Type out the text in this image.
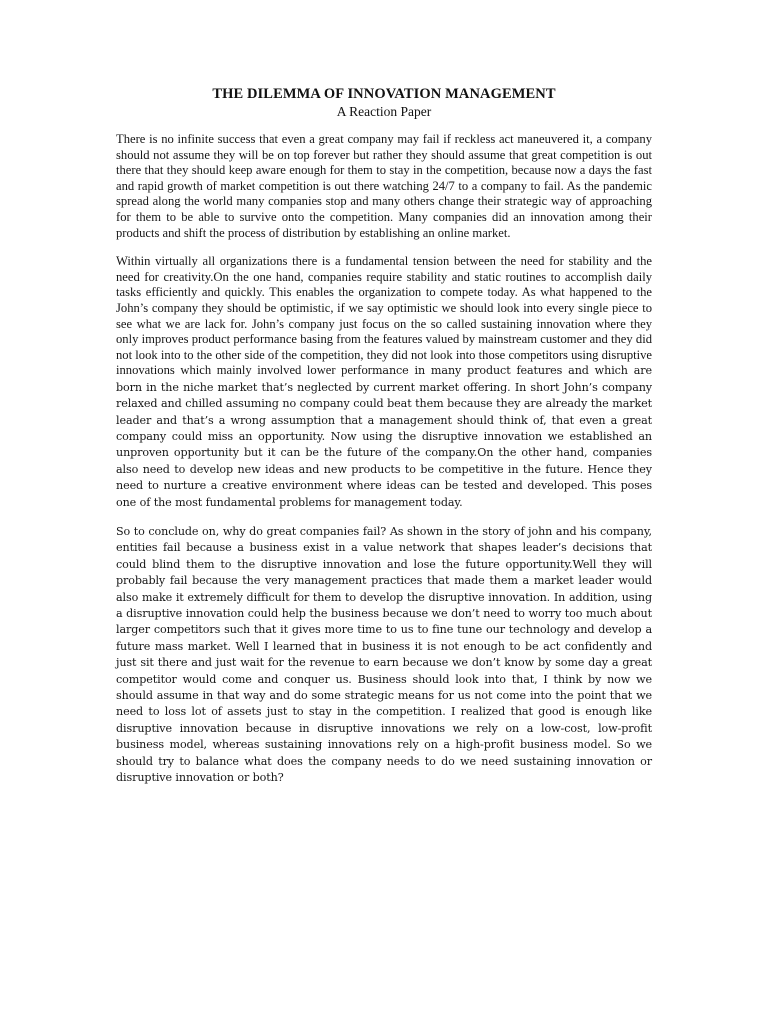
THE DILEMMA OF INNOVATION MANAGEMENT
A Reaction Paper

There is no infinite success that even a great company may fail if reckless act maneuvered it, a company should not assume they will be on top forever but rather they should assume that great competition is out there that they should keep aware enough for them to stay in the competition, because now a days the fast and rapid growth of market competition is out there watching 24/7 to a company to fail. As the pandemic spread along the world many companies stop and many others change their strategic way of approaching for them to be able to survive onto the competition. Many companies did an innovation among their products and shift the process of distribution by establishing an online market.

Within virtually all organizations there is a fundamental tension between the need for stability and the need for creativity.On the one hand, companies require stability and static routines to accomplish daily tasks efficiently and quickly. This enables the organization to compete today. As what happened to the John’s company they should be optimistic, if we say optimistic we should look into every single piece to see what we are lack for. John’s company just focus on the so called sustaining innovation where they only improves product performance basing from the features valued by mainstream customer and they did not look into to the other side of the competition, they did not look into those competitors using disruptive innovations which mainly involved lower performance in many product features and which are born in the niche market that’s neglected by current market offering. In short John’s company relaxed and chilled assuming no company could beat them because they are already the market leader and that’s a wrong assumption that a management should think of, that even a great company could miss an opportunity. Now using the disruptive innovation we established an unproven opportunity but it can be the future of the company.On the other hand, companies also need to develop new ideas and new products to be competitive in the future. Hence they need to nurture a creative environment where ideas can be tested and developed. This poses one of the most fundamental problems for management today.

So to conclude on, why do great companies fail? As shown in the story of john and his company, entities fail because a business exist in a value network that shapes leader’s decisions that could blind them to the disruptive innovation and lose the future opportunity.Well they will probably fail because the very management practices that made them a market leader would also make it extremely difficult for them to develop the disruptive innovation. In addition, using a disruptive innovation could help the business because we don’t need to worry too much about larger competitors such that it gives more time to us to fine tune our technology and develop a future mass market. Well I learned that in business it is not enough to be act confidently and just sit there and just wait for the revenue to earn because we don’t know by some day a great competitor would come and conquer us. Business should look into that, I think by now we should assume in that way and do some strategic means for us not come into the point that we need to loss lot of assets just to stay in the competition. I realized that good is enough like disruptive innovation because in disruptive innovations we rely on a low-cost, low-profit business model, whereas sustaining innovations rely on a high-profit business model. So we should try to balance what does the company needs to do we need sustaining innovation or disruptive innovation or both?
